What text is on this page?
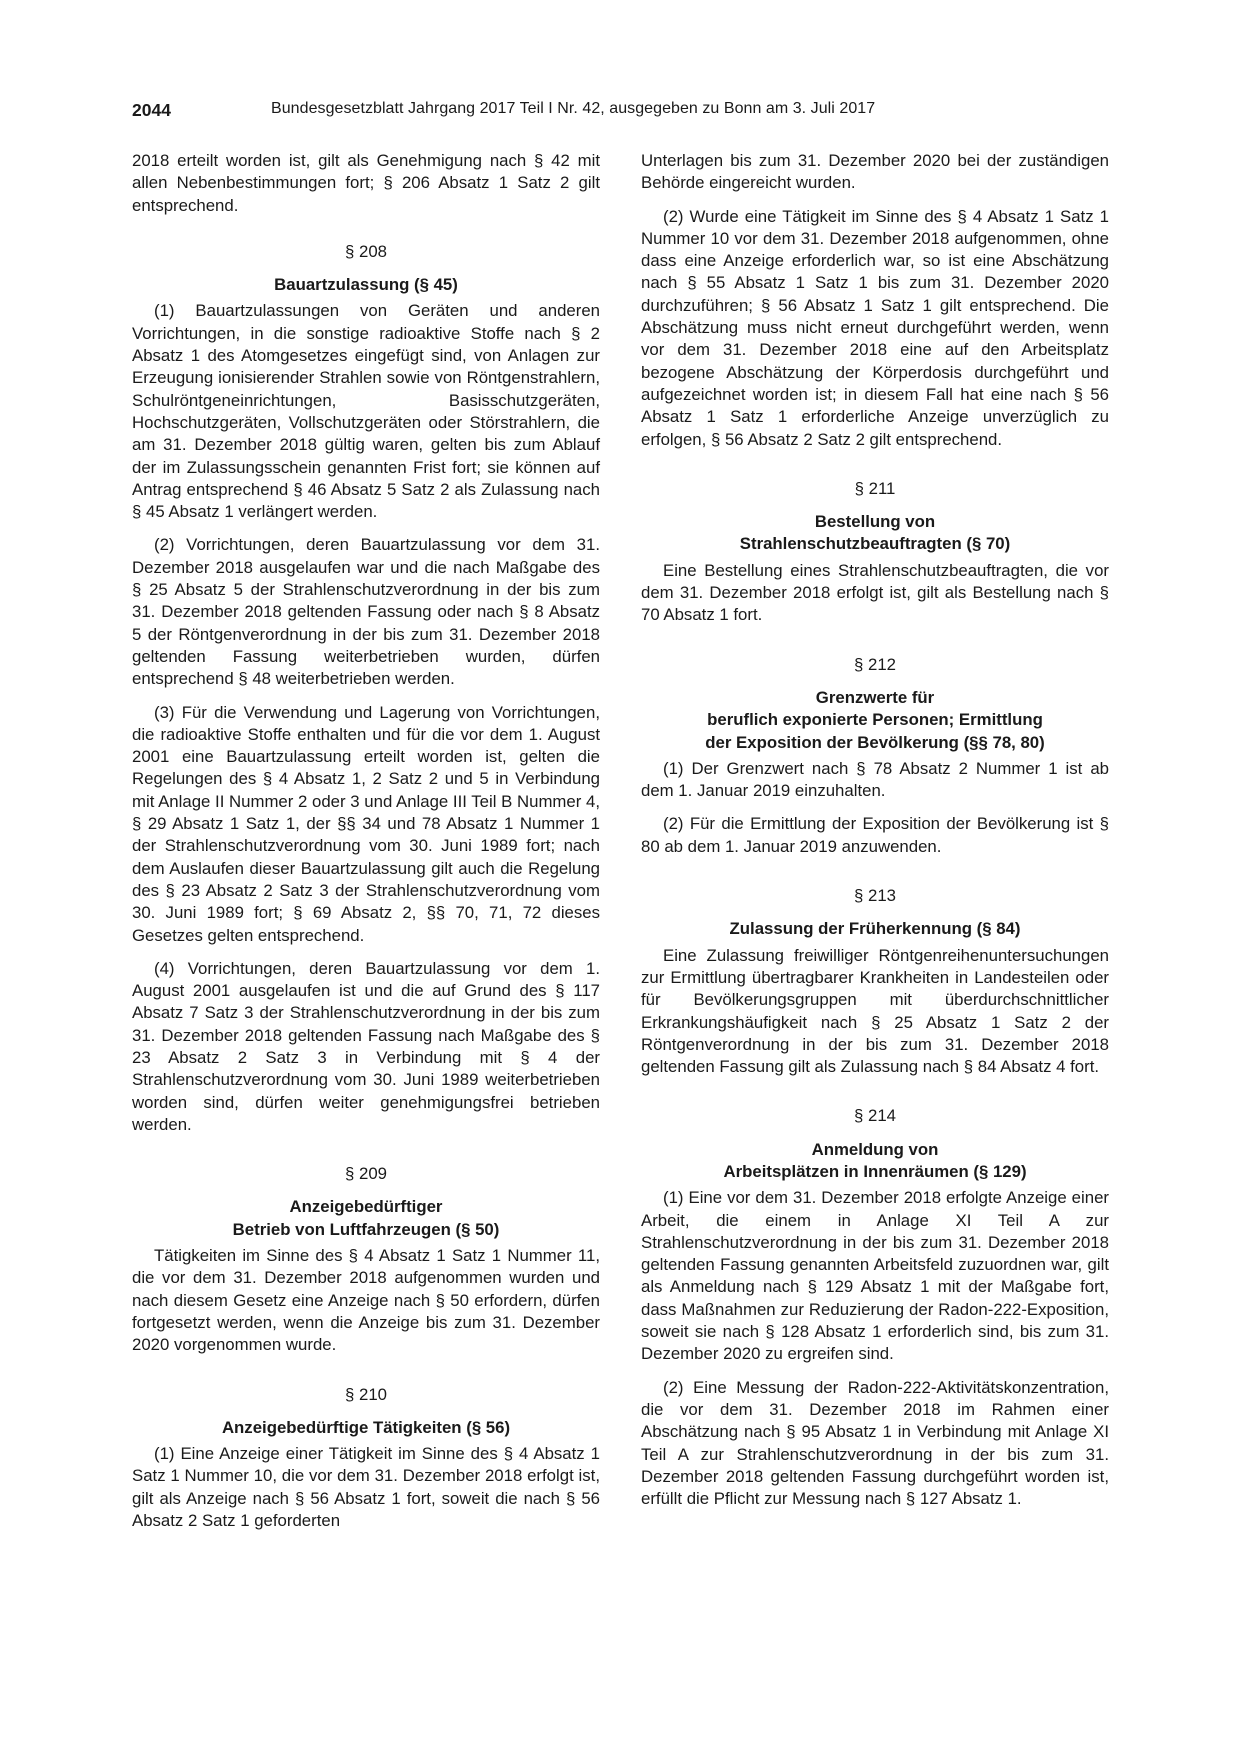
2044	Bundesgesetzblatt Jahrgang 2017 Teil I Nr. 42, ausgegeben zu Bonn am 3. Juli 2017

2018 erteilt worden ist, gilt als Genehmigung nach § 42 mit allen Nebenbestimmungen fort; § 206 Absatz 1 Satz 2 gilt entsprechend.

§ 208
Bauartzulassung (§ 45)

(1) Bauartzulassungen von Geräten und anderen Vorrichtungen, in die sonstige radioaktive Stoffe nach § 2 Absatz 1 des Atomgesetzes eingefügt sind, von Anlagen zur Erzeugung ionisierender Strahlen sowie von Röntgenstrahlern, Schulröntgeneinrichtungen, Basisschutzgeräten, Hochschutzgeräten, Vollschutzgeräten oder Störstrahlern, die am 31. Dezember 2018 gültig waren, gelten bis zum Ablauf der im Zulassungsschein genannten Frist fort; sie können auf Antrag entsprechend § 46 Absatz 5 Satz 2 als Zulassung nach § 45 Absatz 1 verlängert werden.

(2) Vorrichtungen, deren Bauartzulassung vor dem 31. Dezember 2018 ausgelaufen war und die nach Maßgabe des § 25 Absatz 5 der Strahlenschutzverordnung in der bis zum 31. Dezember 2018 geltenden Fassung oder nach § 8 Absatz 5 der Röntgenverordnung in der bis zum 31. Dezember 2018 geltenden Fassung weiterbetrieben wurden, dürfen entsprechend § 48 weiterbetrieben werden.

(3) Für die Verwendung und Lagerung von Vorrichtungen, die radioaktive Stoffe enthalten und für die vor dem 1. August 2001 eine Bauartzulassung erteilt worden ist, gelten die Regelungen des § 4 Absatz 1, 2 Satz 2 und 5 in Verbindung mit Anlage II Nummer 2 oder 3 und Anlage III Teil B Nummer 4, § 29 Absatz 1 Satz 1, der §§ 34 und 78 Absatz 1 Nummer 1 der Strahlenschutzverordnung vom 30. Juni 1989 fort; nach dem Auslaufen dieser Bauartzulassung gilt auch die Regelung des § 23 Absatz 2 Satz 3 der Strahlenschutzverordnung vom 30. Juni 1989 fort; § 69 Absatz 2, §§ 70, 71, 72 dieses Gesetzes gelten entsprechend.

(4) Vorrichtungen, deren Bauartzulassung vor dem 1. August 2001 ausgelaufen ist und die auf Grund des § 117 Absatz 7 Satz 3 der Strahlenschutzverordnung in der bis zum 31. Dezember 2018 geltenden Fassung nach Maßgabe des § 23 Absatz 2 Satz 3 in Verbindung mit § 4 der Strahlenschutzverordnung vom 30. Juni 1989 weiterbetrieben worden sind, dürfen weiter genehmigungsfrei betrieben werden.

§ 209
Anzeigebedürftiger
Betrieb von Luftfahrzeugen (§ 50)

Tätigkeiten im Sinne des § 4 Absatz 1 Satz 1 Nummer 11, die vor dem 31. Dezember 2018 aufgenommen wurden und nach diesem Gesetz eine Anzeige nach § 50 erfordern, dürfen fortgesetzt werden, wenn die Anzeige bis zum 31. Dezember 2020 vorgenommen wurde.

§ 210
Anzeigebedürftige Tätigkeiten (§ 56)

(1) Eine Anzeige einer Tätigkeit im Sinne des § 4 Absatz 1 Satz 1 Nummer 10, die vor dem 31. Dezember 2018 erfolgt ist, gilt als Anzeige nach § 56 Absatz 1 fort, soweit die nach § 56 Absatz 2 Satz 1 geforderten

Unterlagen bis zum 31. Dezember 2020 bei der zuständigen Behörde eingereicht wurden.

(2) Wurde eine Tätigkeit im Sinne des § 4 Absatz 1 Satz 1 Nummer 10 vor dem 31. Dezember 2018 aufgenommen, ohne dass eine Anzeige erforderlich war, so ist eine Abschätzung nach § 55 Absatz 1 Satz 1 bis zum 31. Dezember 2020 durchzuführen; § 56 Absatz 1 Satz 1 gilt entsprechend. Die Abschätzung muss nicht erneut durchgeführt werden, wenn vor dem 31. Dezember 2018 eine auf den Arbeitsplatz bezogene Abschätzung der Körperdosis durchgeführt und aufgezeichnet worden ist; in diesem Fall hat eine nach § 56 Absatz 1 Satz 1 erforderliche Anzeige unverzüglich zu erfolgen, § 56 Absatz 2 Satz 2 gilt entsprechend.

§ 211
Bestellung von
Strahlenschutzbeauftragten (§ 70)

Eine Bestellung eines Strahlenschutzbeauftragten, die vor dem 31. Dezember 2018 erfolgt ist, gilt als Bestellung nach § 70 Absatz 1 fort.

§ 212
Grenzwerte für
beruflich exponierte Personen; Ermittlung
der Exposition der Bevölkerung (§§ 78, 80)

(1) Der Grenzwert nach § 78 Absatz 2 Nummer 1 ist ab dem 1. Januar 2019 einzuhalten.

(2) Für die Ermittlung der Exposition der Bevölkerung ist § 80 ab dem 1. Januar 2019 anzuwenden.

§ 213
Zulassung der Früherkennung (§ 84)

Eine Zulassung freiwilliger Röntgenreihenuntersuchungen zur Ermittlung übertragbarer Krankheiten in Landesteilen oder für Bevölkerungsgruppen mit überdurchschnittlicher Erkrankungshäufigkeit nach § 25 Absatz 1 Satz 2 der Röntgenverordnung in der bis zum 31. Dezember 2018 geltenden Fassung gilt als Zulassung nach § 84 Absatz 4 fort.

§ 214
Anmeldung von
Arbeitsplätzen in Innenräumen (§ 129)

(1) Eine vor dem 31. Dezember 2018 erfolgte Anzeige einer Arbeit, die einem in Anlage XI Teil A zur Strahlenschutzverordnung in der bis zum 31. Dezember 2018 geltenden Fassung genannten Arbeitsfeld zuzuordnen war, gilt als Anmeldung nach § 129 Absatz 1 mit der Maßgabe fort, dass Maßnahmen zur Reduzierung der Radon-222-Exposition, soweit sie nach § 128 Absatz 1 erforderlich sind, bis zum 31. Dezember 2020 zu ergreifen sind.

(2) Eine Messung der Radon-222-Aktivitätskonzentration, die vor dem 31. Dezember 2018 im Rahmen einer Abschätzung nach § 95 Absatz 1 in Verbindung mit Anlage XI Teil A zur Strahlenschutzverordnung in der bis zum 31. Dezember 2018 geltenden Fassung durchgeführt worden ist, erfüllt die Pflicht zur Messung nach § 127 Absatz 1.
